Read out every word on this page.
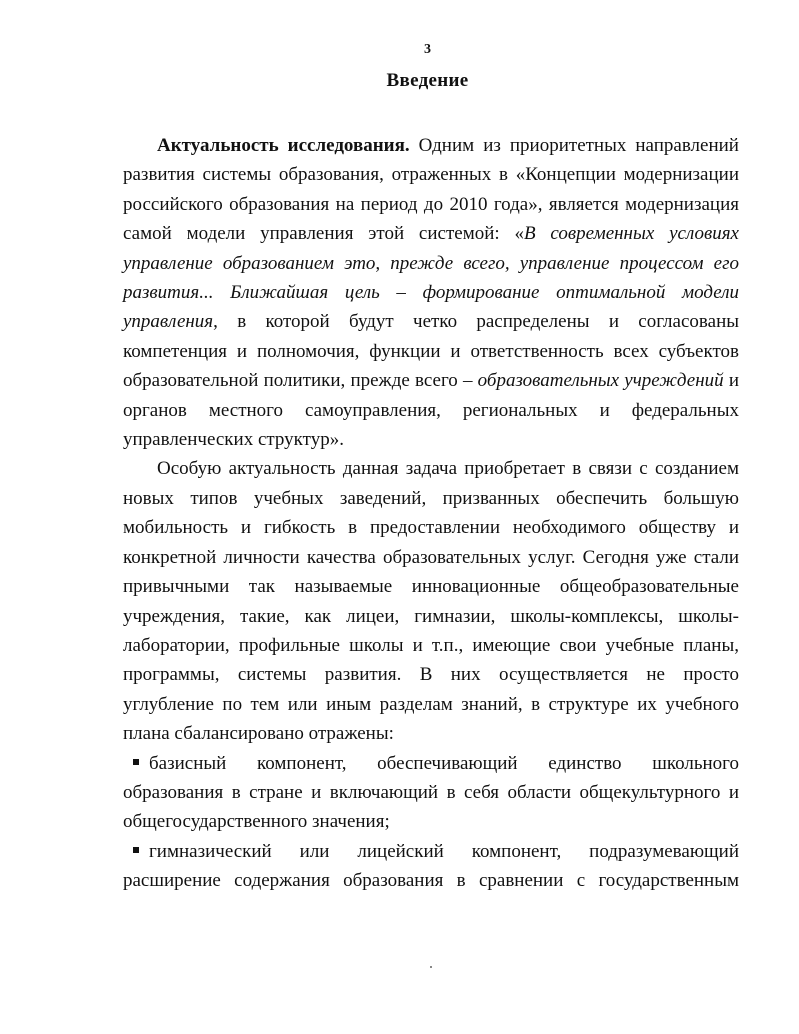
3
Введение

Актуальность исследования. Одним из приоритетных направлений развития системы образования, отраженных в «Концепции модернизации российского образования на период до 2010 года», является модернизация самой модели управления этой системой: «В современных условиях управление образованием это, прежде всего, управление процессом его развития... Ближайшая цель – формирование оптимальной модели управления, в которой будут четко распределены и согласованы компетенция и полномочия, функции и ответственность всех субъектов образовательной политики, прежде всего – образовательных учреждений и органов местного самоуправления, региональных и федеральных управленческих структур».

Особую актуальность данная задача приобретает в связи с созданием новых типов учебных заведений, призванных обеспечить большую мобильность и гибкость в предоставлении необходимого обществу и конкретной личности качества образовательных услуг. Сегодня уже стали привычными так называемые инновационные общеобразовательные учреждения, такие, как лицеи, гимназии, школы-комплексы, школы-лаборатории, профильные школы и т.п., имеющие свои учебные планы, программы, системы развития. В них осуществляется не просто углубление по тем или иным разделам знаний, в структуре их учебного плана сбалансировано отражены:

базисный компонент, обеспечивающий единство школьного образования в стране и включающий в себя области общекультурного и общегосударственного значения;
гимназический или лицейский компонент, подразумевающий расширение содержания образования в сравнении с государственным
